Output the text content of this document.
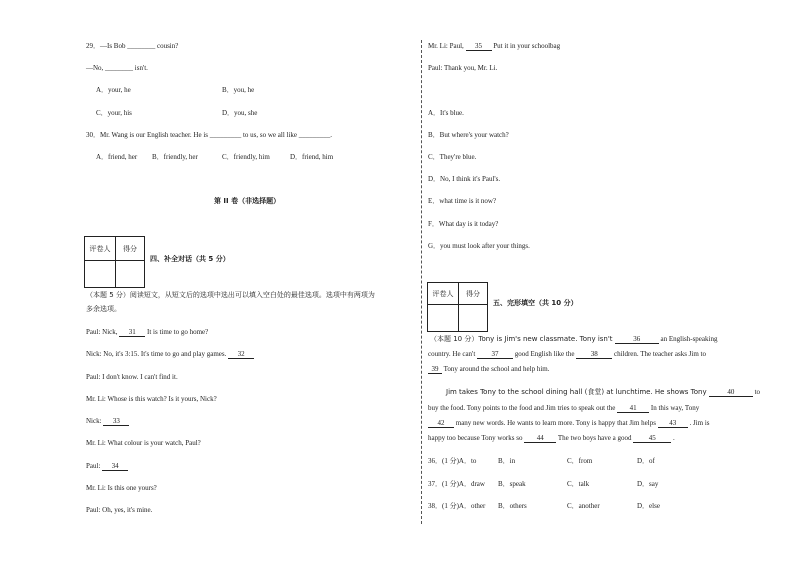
29．—Is Bob ________ cousin?
—No, ________ isn't.
A．your, he	B．you, he
C．your, his	D．you, she
30．Mr. Wang is our English teacher. He is _________ to us, so we all like _________.
A．friend, her B．friendly, her	C．friendly, him	D．friend, him
第 II 卷（非选择题）
评卷人	得分
四、补全对话（共 5 分）
（本题 5 分）阅读短文，从短文后的选项中选出可以填入空白处的最佳选项。选项中有两项为
多余选项。
Paul: Nick, 31 It is time to go home?
Nick: No, it's 3:15. It's time to go and play games. 32
Paul: I don't know. I can't find it.
Mr. Li: Whose is this watch? Is it yours, Nick?
Nick: 33
Mr. Li: What colour is your watch, Paul?
Paul: 34
Mr. Li: Is this one yours?
Paul: Oh, yes, it's mine.
Mr. Li: Paul, 35 Put it in your schoolbag
Paul: Thank you, Mr. Li.
A．It's blue.
B．But where's your watch?
C．They're blue.
D．No, I think it's Paul's.
E．what time is it now?
F．What day is it today?
G．you must look after your things.
评卷人	得分
五、完形填空（共 10 分）
（本题 10 分）Tony is Jim's new classmate. Tony isn't	36	an English-speaking
country. He can't 37 good English like the 38 children. The teacher asks Jim to
39 Tony around the school and help him.
Jim takes Tony to the school dining hall (食堂) at lunchtime. He shows Tony	40	to
buy the food. Tony points to the food and Jim tries to speak out the 41 In this way, Tony
42 many new words. He wants to learn more. Tony is happy that Jim helps 43 . Jim is
happy too because Tony works so 44 The two boys have a good 45 .
36．(1 分)A．to	B．in	C．from	D．of
37．(1 分)A．draw B．speak	C．talk	D．say
38．(1 分)A．other B．others	C．another	D．else
